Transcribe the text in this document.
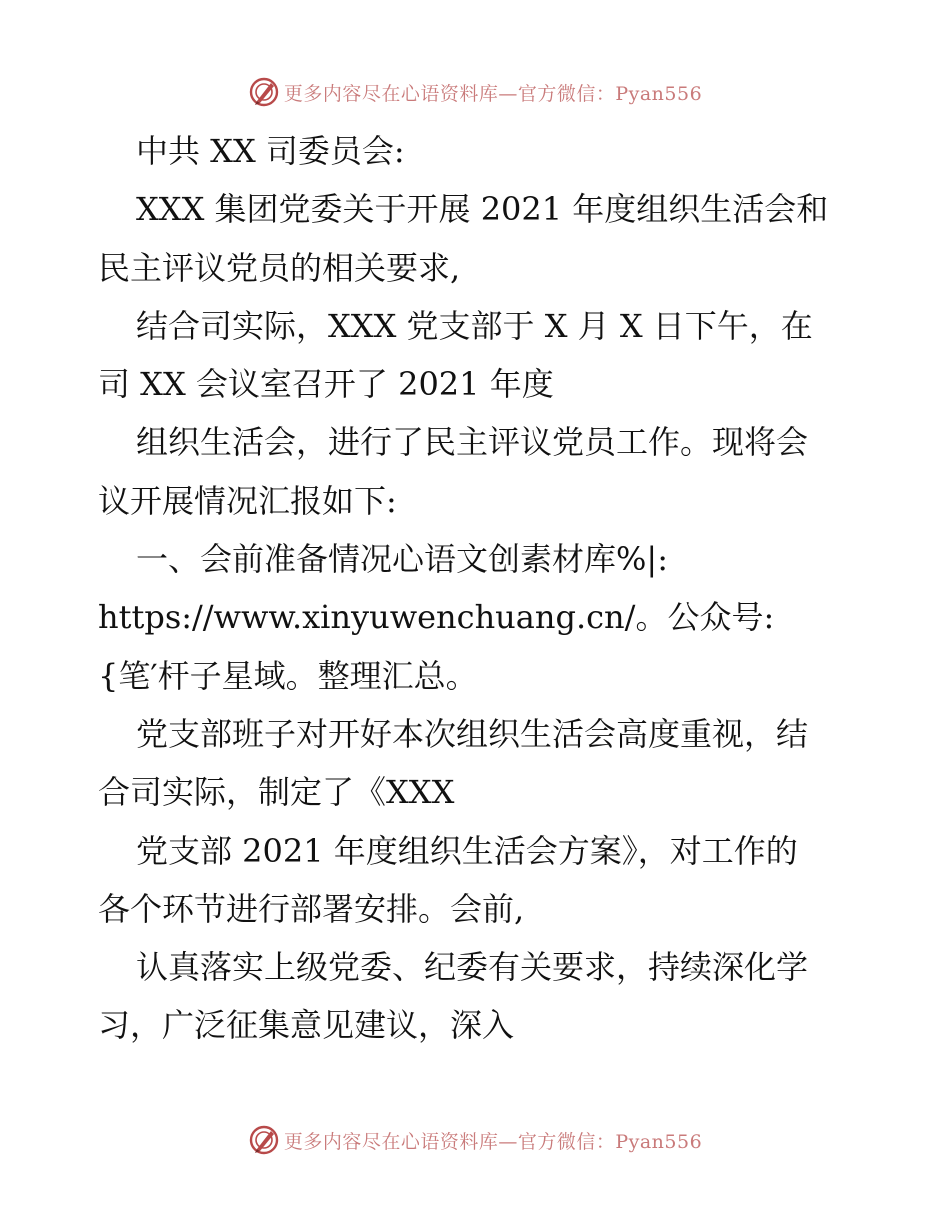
更多内容尽在心语资料库—官方微信：Pyan556
中共 XX 司委员会:
XXX 集团党委关于开展 2021 年度组织生活会和
民主评议党员的相关要求,
结合司实际，XXX 党支部于 X 月 X 日下午，在
司 XX 会议室召开了 2021 年度
组织生活会，进行了民主评议党员工作。现将会
议开展情况汇报如下:
一、会前准备情况心语文创素材库%|:
https://www.xinyuwenchuang.cn/。公众号:
{笔′杆子星域。整理汇总。
党支部班子对开好本次组织生活会高度重视，结
合司实际，制定了《XXX
党支部 2021 年度组织生活会方案》，对工作的
各个环节进行部署安排。会前,
认真落实上级党委、纪委有关要求，持续深化学
习，广泛征集意见建议，深入
更多内容尽在心语资料库—官方微信：Pyan556
